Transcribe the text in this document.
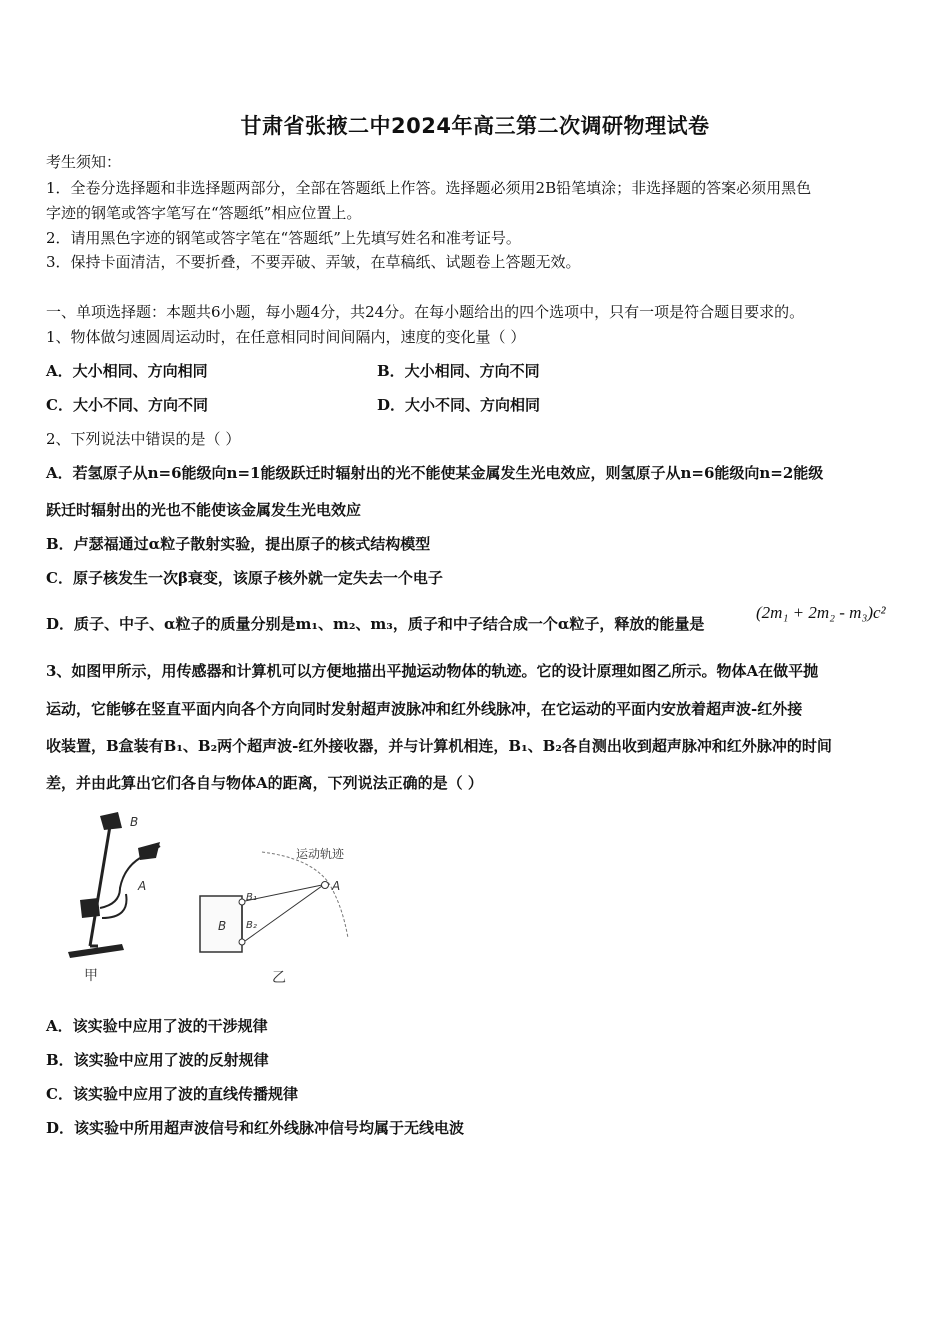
甘肃省张掖二中2024年高三第二次调研物理试卷
考生须知：
1．全卷分选择题和非选择题两部分，全部在答题纸上作答。选择题必须用2B铅笔填涂；非选择题的答案必须用黑色
字迹的钢笔或答字笔写在“答题纸”相应位置上。
2．请用黑色字迹的钢笔或答字笔在“答题纸”上先填写姓名和准考证号。
3．保持卡面清洁，不要折叠，不要弄破、弄皱，在草稿纸、试题卷上答题无效。
一、单项选择题：本题共6小题，每小题4分，共24分。在每小题给出的四个选项中，只有一项是符合题目要求的。
1、物体做匀速圆周运动时，在任意相同时间间隔内，速度的变化量（ ）
A．大小相同、方向相同	B．大小相同、方向不同
C．大小不同、方向不同	D．大小不同、方向相同
2、下列说法中错误的是（ ）
A．若氢原子从n=6能级向n=1能级跃迁时辐射出的光不能使某金属发生光电效应，则氢原子从n=6能级向n=2能级
跃迁时辐射出的光也不能使该金属发生光电效应
B．卢瑟福通过α粒子散射实验，提出原子的核式结构模型
C．原子核发生一次β衰变，该原子核外就一定失去一个电子
D．质子、中子、α粒子的质量分别是m₁、m₂、m₃，质子和中子结合成一个α粒子，释放的能量是
(2m₁ + 2m₂ - m₃)c²
3、如图甲所示，用传感器和计算机可以方便地描出平抛运动物体的轨迹。它的设计原理如图乙所示。物体A在做平抛
运动，它能够在竖直平面内向各个方向同时发射超声波脉冲和红外线脉冲，在它运动的平面内安放着超声波-红外接
收装置，B盒装有B₁、B₂两个超声波-红外接收器，并与计算机相连，B₁、B₂各自测出收到超声脉冲和红外脉冲的时间
差，并由此算出它们各自与物体A的距离，下列说法正确的是（ ）
B
A
甲
运动轨迹
A
B
B₁
B₂
乙
A．该实验中应用了波的干涉规律
B．该实验中应用了波的反射规律
C．该实验中应用了波的直线传播规律
D．该实验中所用超声波信号和红外线脉冲信号均属于无线电波
